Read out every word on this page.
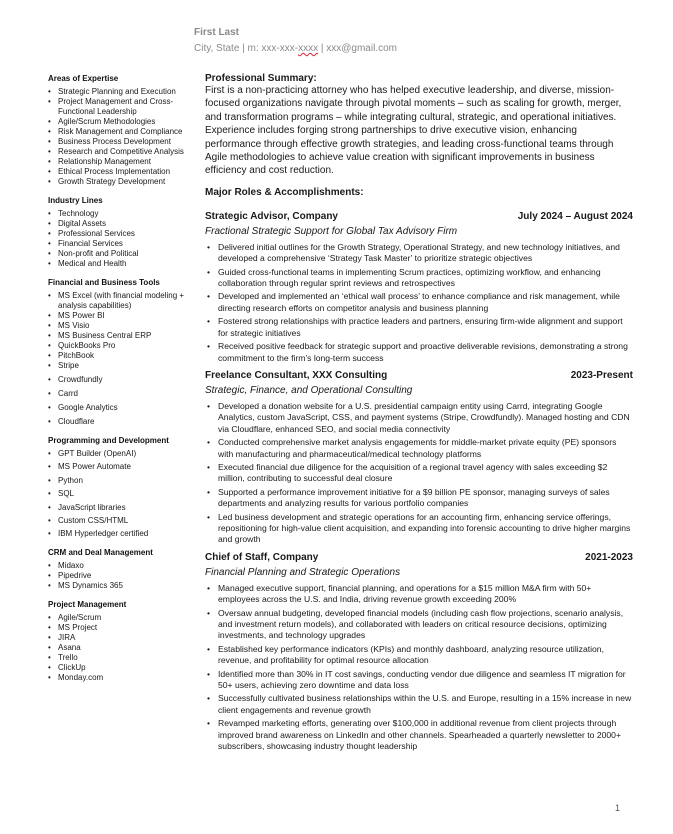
First Last
City, State | m: xxx-xxx-xxxx | xxx@gmail.com
Areas of Expertise
• Strategic Planning and Execution
• Project Management and Cross-Functional Leadership
• Agile/Scrum Methodologies
• Risk Management and Compliance
• Business Process Development
• Research and Competitive Analysis
• Relationship Management
• Ethical Process Implementation
• Growth Strategy Development
Industry Lines
• Technology
• Digital Assets
• Professional Services
• Financial Services
• Non-profit and Political
• Medical and Health
Financial and Business Tools
• MS Excel (with financial modeling + analysis capabilities)
• MS Power BI
• MS Visio
• MS Business Central ERP
• QuickBooks Pro
• PitchBook
• Stripe
• Crowdfundly
• Carrd
• Google Analytics
• Cloudflare
Programming and Development
• GPT Builder (OpenAI)
• MS Power Automate
• Python
• SQL
• JavaScript libraries
• Custom CSS/HTML
• IBM Hyperledger certified
CRM and Deal Management
• Midaxo
• Pipedrive
• MS Dynamics 365
Project Management
• Agile/Scrum
• MS Project
• JIRA
• Asana
• Trello
• ClickUp
• Monday.com
Professional Summary:

First is a non-practicing attorney who has helped executive leadership, and diverse, mission-focused organizations navigate through pivotal moments – such as scaling for growth, merger, and transformation programs – while integrating cultural, strategic, and operational initiatives. Experience includes forging strong partnerships to drive executive vision, enhancing performance through effective growth strategies, and leading cross-functional teams through Agile methodologies to achieve value creation with significant improvements in business efficiency and cost reduction.

Major Roles & Accomplishments:
Strategic Advisor, Company	July 2024 – August 2024
Fractional Strategic Support for Global Tax Advisory Firm
• Delivered initial outlines for the Growth Strategy, Operational Strategy, and new technology initiatives, and developed a comprehensive ‘Strategy Task Master’ to prioritize strategic objectives
• Guided cross-functional teams in implementing Scrum practices, optimizing workflow, and enhancing collaboration through regular sprint reviews and retrospectives
• Developed and implemented an ‘ethical wall process’ to enhance compliance and risk management, while directing research efforts on competitor analysis and business planning
• Fostered strong relationships with practice leaders and partners, ensuring firm-wide alignment and support for strategic initiatives
• Received positive feedback for strategic support and proactive deliverable revisions, demonstrating a strong commitment to the firm’s long-term success
Freelance Consultant, XXX Consulting	2023-Present
Strategic, Finance, and Operational Consulting
• Developed a donation website for a U.S. presidential campaign entity using Carrd, integrating Google Analytics, custom JavaScript, CSS, and payment systems (Stripe, Crowdfundly). Managed hosting and CDN via Cloudflare, enhanced SEO, and social media connectivity
• Conducted comprehensive market analysis engagements for middle-market private equity (PE) sponsors with manufacturing and pharmaceutical/medical technology platforms
• Executed financial due diligence for the acquisition of a regional travel agency with sales exceeding $2 million, contributing to successful deal closure
• Supported a performance improvement initiative for a $9 billion PE sponsor, managing surveys of sales departments and analyzing results for various portfolio companies
• Led business development and strategic operations for an accounting firm, enhancing service offerings, repositioning for high-value client acquisition, and expanding into forensic accounting to drive higher margins and growth
Chief of Staff, Company	2021-2023
Financial Planning and Strategic Operations
• Managed executive support, financial planning, and operations for a $15 million M&A firm with 50+ employees across the U.S. and India, driving revenue growth exceeding 200%
• Oversaw annual budgeting, developed financial models (including cash flow projections, scenario analysis, and investment return models), and collaborated with leaders on critical resource decisions, optimizing investments, and technology upgrades
• Established key performance indicators (KPIs) and monthly dashboard, analyzing resource utilization, revenue, and profitability for optimal resource allocation
• Identified more than 30% in IT cost savings, conducting vendor due diligence and seamless IT migration for 50+ users, achieving zero downtime and data loss
• Successfully cultivated business relationships within the U.S. and Europe, resulting in a 15% increase in new client engagements and revenue growth
• Revamped marketing efforts, generating over $100,000 in additional revenue from client projects through improved brand awareness on LinkedIn and other channels. Spearheaded a quarterly newsletter to 2000+ subscribers, showcasing industry thought leadership
1
